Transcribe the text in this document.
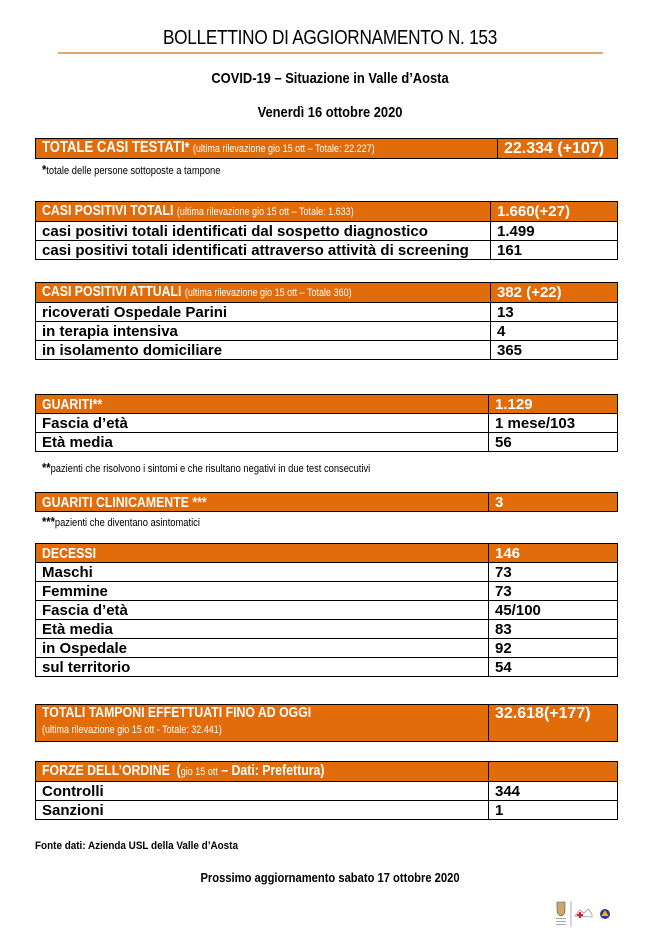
BOLLETTINO DI AGGIORNAMENTO N. 153
COVID-19 – Situazione in Valle d’Aosta
Venerdì 16 ottobre 2020
TOTALE CASI TESTATI* (ultima rilevazione gio 15 ott – Totale: 22.227)	22.334 (+107)
*totale delle persone sottoposte a tampone
CASI POSITIVI TOTALI (ultima rilevazione gio 15 ott – Totale: 1.633)	1.660(+27)
casi positivi totali identificati dal sospetto diagnostico	1.499
casi positivi totali identificati attraverso attività di screening	161
CASI POSITIVI ATTUALI (ultima rilevazione gio 15 ott – Totale 360)	382 (+22)
ricoverati Ospedale Parini	13
in terapia intensiva	4
in isolamento domiciliare	365
GUARITI**	1.129
Fascia d’età	1 mese/103
Età media	56
**pazienti che risolvono i sintomi e che risultano negativi in due test consecutivi
GUARITI CLINICAMENTE ***	3
***pazienti che diventano asintomatici
DECESSI	146
Maschi	73
Femmine	73
Fascia d’età	45/100
Età media	83
in Ospedale	92
sul territorio	54
TOTALI TAMPONI EFFETTUATI FINO AD OGGI
(ultima rilevazione gio 15 ott - Totale: 32.441)	32.618(+177)
FORZE DELL’ORDINE (gio 15 ott – Dati: Prefettura)	
Controlli	344
Sanzioni	1
Fonte dati: Azienda USL della Valle d’Aosta
Prossimo aggiornamento sabato 17 ottobre 2020
